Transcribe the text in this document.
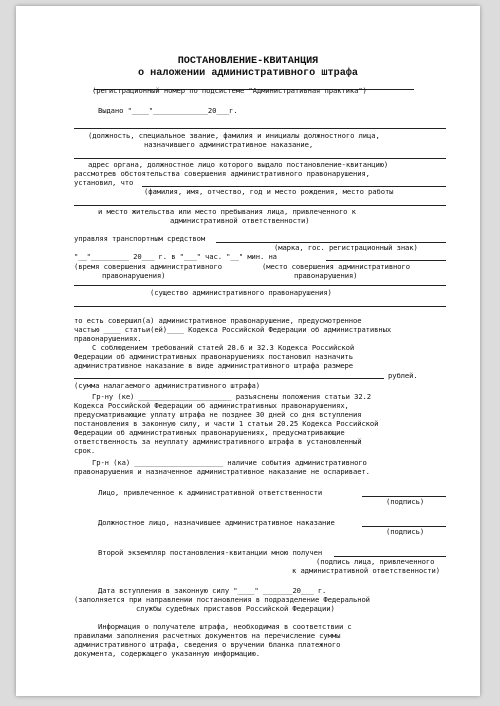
ПОСТАНОВЛЕНИЕ-КВИТАНЦИЯ
о наложении административного штрафа
(регистрационный номер по подсистеме "Административная практика")
Выдано "____"_____________20___г.
(должность, специальное звание, фамилия и инициалы должностного лица,
назначившего административное наказание,
адрес органа, должностное лицо которого выдало постановление-квитанцию)
рассмотрев обстоятельства совершения административного правонарушения,
установил, что
(фамилия, имя, отчество, год и место рождения, место работы
и место жительства или место пребывания лица, привлеченного к
административной ответственности)
управляя транспортным средством
(марка, гос. регистрационный знак)
"__"_________ 20___ г. в "___" час. "__" мин. на
(время совершения административного	(место совершения административного
правонарушения)	правонарушения)
(существо административного правонарушения)
то есть совершил(а) административное правонарушение, предусмотренное
частью ____ статьи(ей)____ Кодекса Российской Федерации об административных
правонарушениях.
С соблюдением требований статей 28.6 и 32.3 Кодекса Российской
Федерации об административных правонарушениях постановил назначить
административное наказание в виде административного штрафа размере
рублей.
(сумма налагаемого административного штрафа)
Гр-ну (ке) ______________________ разъяснены положения статьи 32.2
Кодекса Российской Федерации об административных правонарушениях,
предусматривающие уплату штрафа не позднее 30 дней со дня вступления
постановления в законную силу, и части 1 статьи 20.25 Кодекса Российской
Федерации об административных правонарушениях, предусматривающие
ответственность за неуплату административного штрафа в установленный
срок.
Гр-н (ка) _____________________ наличие события административного
правонарушения и назначенное административное наказание не оспаривает.
Лицо, привлеченное к административной ответственности
(подпись)
Должностное лицо, назначившее административное наказание
(подпись)
Второй экземпляр постановления-квитанции мною получен
(подпись лица, привлеченного
к административной ответственности)
Дата вступления в законную силу "____" _______20___ г.
(заполняется при направлении постановления в подразделение Федеральной
службы судебных приставов Российской Федерации)
Информация о получателе штрафа, необходимая в соответствии с
правилами заполнения расчетных документов на перечисление суммы
административного штрафа, сведения о вручении бланка платежного
документа, содержащего указанную информацию.
